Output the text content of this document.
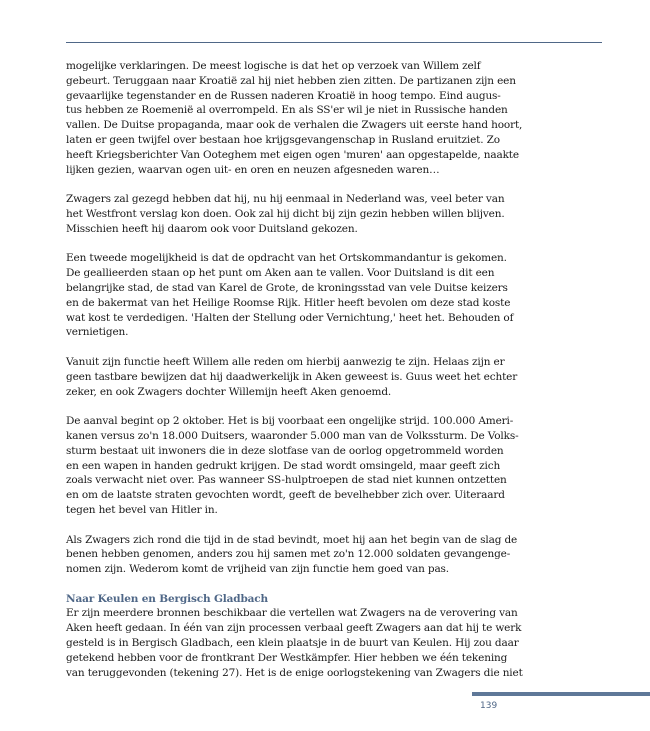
mogelijke verklaringen. De meest logische is dat het op verzoek van Willem zelf
gebeurt. Teruggaan naar Kroatië zal hij niet hebben zien zitten. De partizanen zijn een
gevaarlijke tegenstander en de Russen naderen Kroatië in hoog tempo. Eind augus-
tus hebben ze Roemenië al overrompeld. En als SS'er wil je niet in Russische handen
vallen. De Duitse propaganda, maar ook de verhalen die Zwagers uit eerste hand hoort,
laten er geen twijfel over bestaan hoe krijgsgevangenschap in Rusland eruitziet. Zo
heeft Kriegsberichter Van Ooteghem met eigen ogen 'muren' aan opgestapelde, naakte
lijken gezien, waarvan ogen uit- en oren en neuzen afgesneden waren…

Zwagers zal gezegd hebben dat hij, nu hij eenmaal in Nederland was, veel beter van
het Westfront verslag kon doen. Ook zal hij dicht bij zijn gezin hebben willen blijven.
Misschien heeft hij daarom ook voor Duitsland gekozen.

Een tweede mogelijkheid is dat de opdracht van het Ortskommandantur is gekomen.
De geallieerden staan op het punt om Aken aan te vallen. Voor Duitsland is dit een
belangrijke stad, de stad van Karel de Grote, de kroningsstad van vele Duitse keizers
en de bakermat van het Heilige Roomse Rijk. Hitler heeft bevolen om deze stad koste
wat kost te verdedigen. 'Halten der Stellung oder Vernichtung,' heet het. Behouden of
vernietigen.

Vanuit zijn functie heeft Willem alle reden om hierbij aanwezig te zijn. Helaas zijn er
geen tastbare bewijzen dat hij daadwerkelijk in Aken geweest is. Guus weet het echter
zeker, en ook Zwagers dochter Willemijn heeft Aken genoemd.

De aanval begint op 2 oktober. Het is bij voorbaat een ongelijke strijd. 100.000 Ameri-
kanen versus zo'n 18.000 Duitsers, waaronder 5.000 man van de Volkssturm. De Volks-
sturm bestaat uit inwoners die in deze slotfase van de oorlog opgetrommeld worden
en een wapen in handen gedrukt krijgen. De stad wordt omsingeld, maar geeft zich
zoals verwacht niet over. Pas wanneer SS-hulptroepen de stad niet kunnen ontzetten
en om de laatste straten gevochten wordt, geeft de bevelhebber zich over. Uiteraard
tegen het bevel van Hitler in.

Als Zwagers zich rond die tijd in de stad bevindt, moet hij aan het begin van de slag de
benen hebben genomen, anders zou hij samen met zo'n 12.000 soldaten gevangenge-
nomen zijn. Wederom komt de vrijheid van zijn functie hem goed van pas.

Naar Keulen en Bergisch Gladbach
Er zijn meerdere bronnen beschikbaar die vertellen wat Zwagers na de verovering van
Aken heeft gedaan. In één van zijn processen verbaal geeft Zwagers aan dat hij te werk
gesteld is in Bergisch Gladbach, een klein plaatsje in de buurt van Keulen. Hij zou daar
getekend hebben voor de frontkrant Der Westkämpfer. Hier hebben we één tekening
van teruggevonden (tekening 27). Het is de enige oorlogstekening van Zwagers die niet
139
